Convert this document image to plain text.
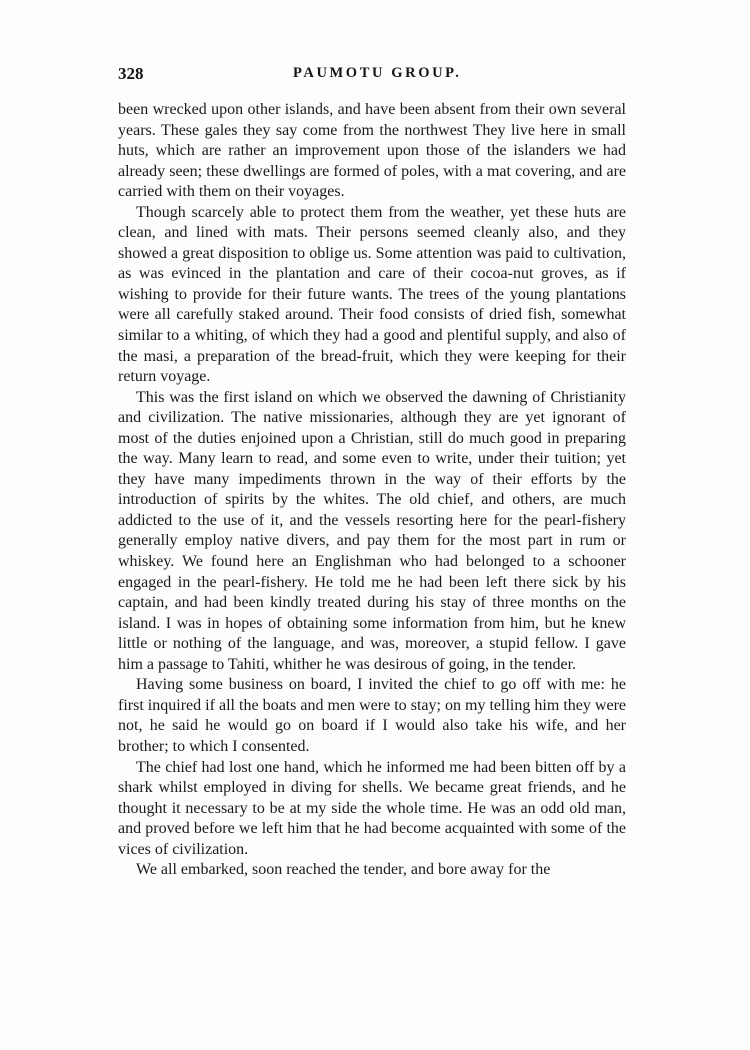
328	PAUMOTU GROUP.

been wrecked upon other islands, and have been absent from their own several years. These gales they say come from the northwest They live here in small huts, which are rather an improvement upon those of the islanders we had already seen; these dwellings are formed of poles, with a mat covering, and are carried with them on their voyages.

Though scarcely able to protect them from the weather, yet these huts are clean, and lined with mats. Their persons seemed cleanly also, and they showed a great disposition to oblige us. Some attention was paid to cultivation, as was evinced in the plantation and care of their cocoa-nut groves, as if wishing to provide for their future wants. The trees of the young plantations were all carefully staked around. Their food consists of dried fish, somewhat similar to a whiting, of which they had a good and plentiful supply, and also of the masi, a preparation of the bread-fruit, which they were keeping for their return voyage.

This was the first island on which we observed the dawning of Christianity and civilization. The native missionaries, although they are yet ignorant of most of the duties enjoined upon a Christian, still do much good in preparing the way. Many learn to read, and some even to write, under their tuition; yet they have many impediments thrown in the way of their efforts by the introduction of spirits by the whites. The old chief, and others, are much addicted to the use of it, and the vessels resorting here for the pearl-fishery generally employ native divers, and pay them for the most part in rum or whiskey. We found here an Englishman who had belonged to a schooner engaged in the pearl-fishery. He told me he had been left there sick by his captain, and had been kindly treated during his stay of three months on the island. I was in hopes of obtaining some information from him, but he knew little or nothing of the language, and was, moreover, a stupid fellow. I gave him a passage to Tahiti, whither he was desirous of going, in the tender.

Having some business on board, I invited the chief to go off with me: he first inquired if all the boats and men were to stay; on my telling him they were not, he said he would go on board if I would also take his wife, and her brother; to which I consented.

The chief had lost one hand, which he informed me had been bitten off by a shark whilst employed in diving for shells. We became great friends, and he thought it necessary to be at my side the whole time. He was an odd old man, and proved before we left him that he had become acquainted with some of the vices of civilization.

We all embarked, soon reached the tender, and bore away for the
